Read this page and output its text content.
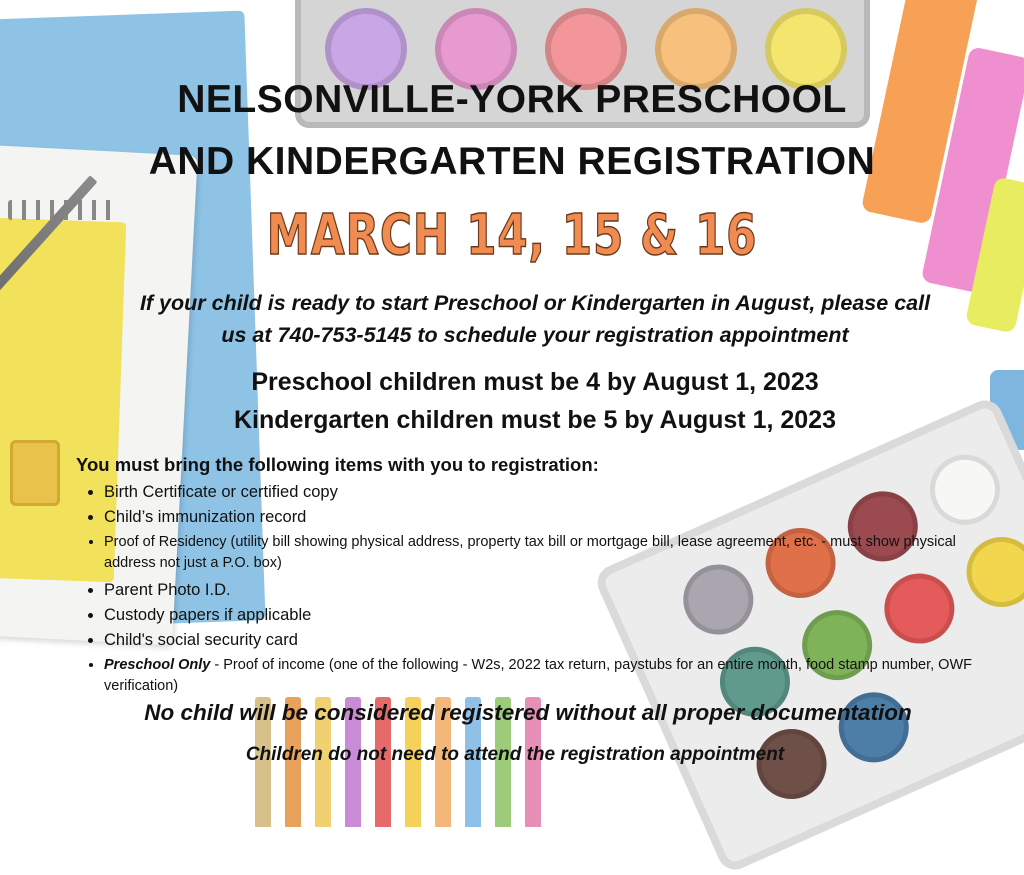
NELSONVILLE-YORK PRESCHOOL
AND KINDERGARTEN REGISTRATION
MARCH 14, 15 & 16
If your child is ready to start Preschool or Kindergarten in August, please call
us at 740-753-5145 to schedule your registration appointment
Preschool children must be 4 by August 1, 2023
Kindergarten children must be 5 by August 1, 2023
You must bring the following items with you to registration:
• Birth Certificate or certified copy
• Child’s immunization record
• Proof of Residency (utility bill showing physical address, property tax bill or mortgage bill, lease agreement, etc. - must show physical address not just a P.O. box)
• Parent Photo I.D.
• Custody papers if applicable
• Child's social security card
• Preschool Only - Proof of income (one of the following - W2s, 2022 tax return, paystubs for an entire month, food stamp number, OWF verification)
No child will be considered registered without all proper documentation
Children do not need to attend the registration appointment
